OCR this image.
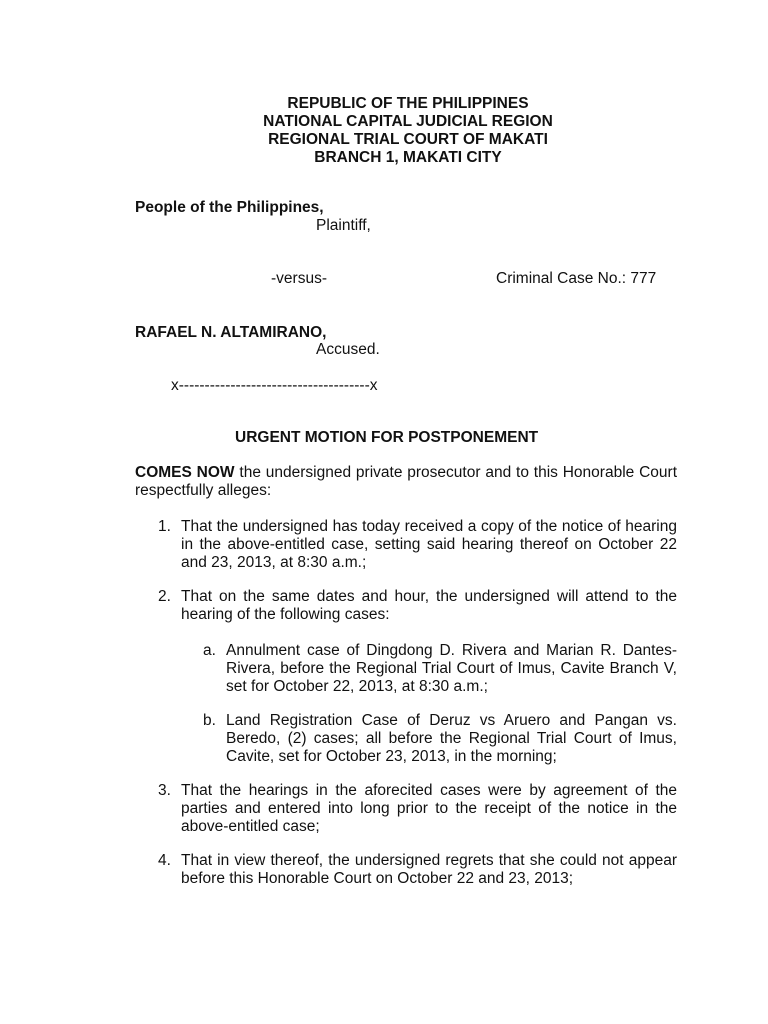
REPUBLIC OF THE PHILIPPINES
NATIONAL CAPITAL JUDICIAL REGION
REGIONAL TRIAL COURT OF MAKATI
BRANCH 1, MAKATI CITY
People of the Philippines,
Plaintiff,
-versus-	Criminal Case No.: 777
RAFAEL N. ALTAMIRANO,
Accused.
x-------------------------------------x
URGENT MOTION FOR POSTPONEMENT
COMES NOW the undersigned private prosecutor and to this Honorable Court respectfully alleges:
1. That the undersigned has today received a copy of the notice of hearing in the above-entitled case, setting said hearing thereof on October 22 and 23, 2013, at 8:30 a.m.;
2. That on the same dates and hour, the undersigned will attend to the hearing of the following cases:
a. Annulment case of Dingdong D. Rivera and Marian R. Dantes-Rivera, before the Regional Trial Court of Imus, Cavite Branch V, set for October 22, 2013, at 8:30 a.m.;
b. Land Registration Case of Deruz vs Aruero and Pangan vs. Beredo, (2) cases; all before the Regional Trial Court of Imus, Cavite, set for October 23, 2013, in the morning;
3. That the hearings in the aforecited cases were by agreement of the parties and entered into long prior to the receipt of the notice in the above-entitled case;
4. That in view thereof, the undersigned regrets that she could not appear before this Honorable Court on October 22 and 23, 2013;
